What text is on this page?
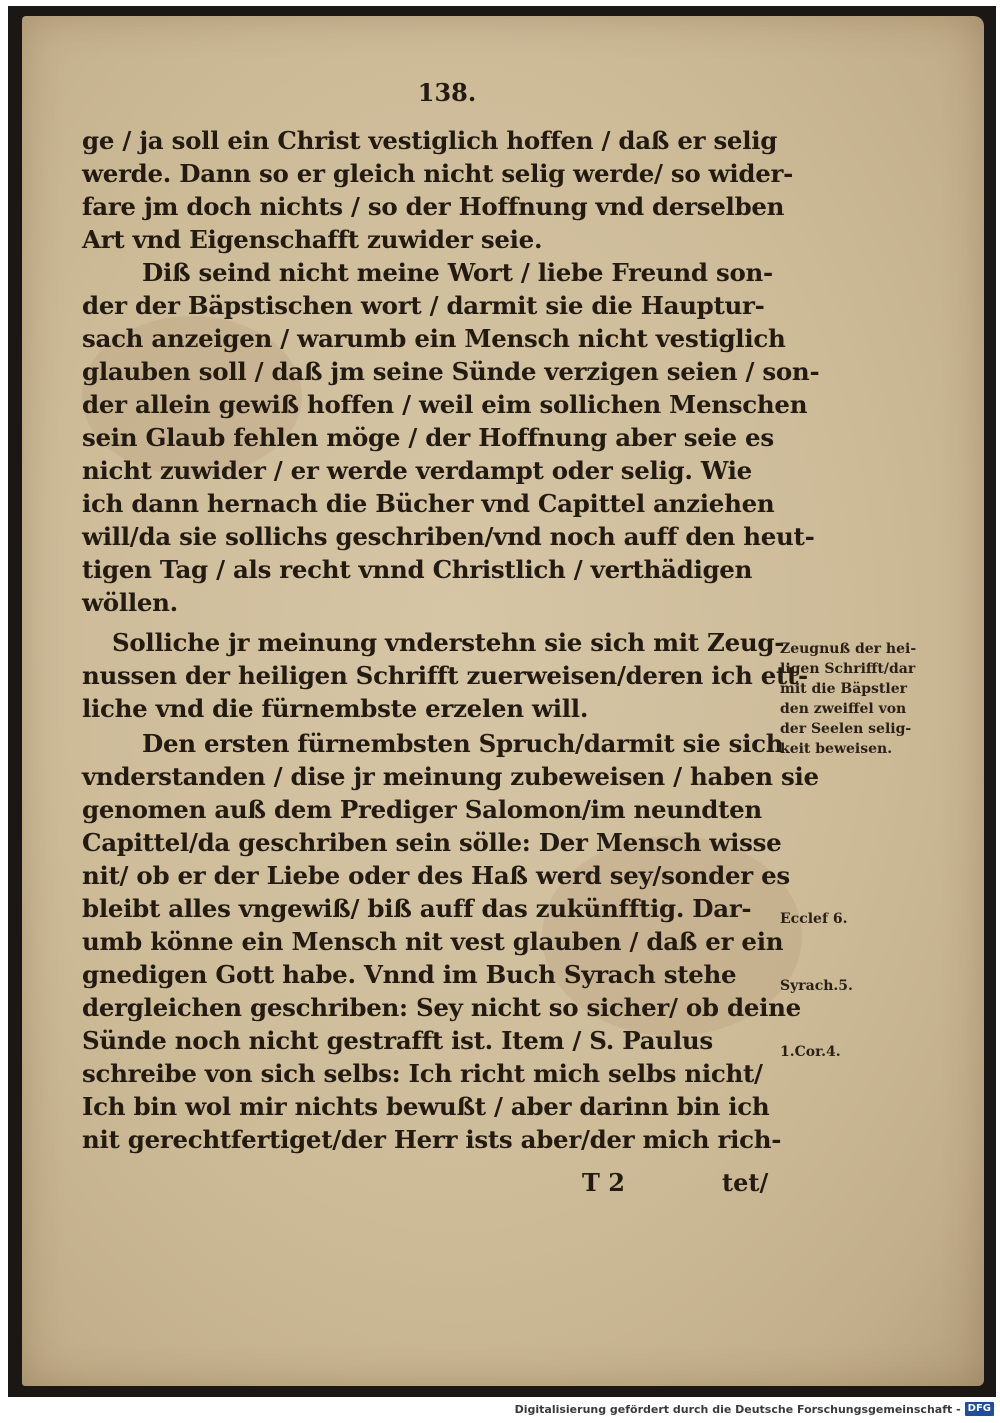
138.
ge / ja soll ein Christ vestiglich hoffen / daß er selig
werde. Dann so er gleich nicht selig werde/ so wider-
fare jm doch nichts / so der Hoffnung vnd derselben
Art vnd Eigenschafft zuwider seie.
Diß seind nicht meine Wort / liebe Freund son-
der der Bäpstischen wort / darmit sie die Hauptur-
sach anzeigen / warumb ein Mensch nicht vestiglich
glauben soll / daß jm seine Sünde verzigen seien / son-
der allein gewiß hoffen / weil eim sollichen Menschen
sein Glaub fehlen möge / der Hoffnung aber seie es
nicht zuwider / er werde verdampt oder selig. Wie
ich dann hernach die Bücher vnd Capittel anziehen
will/da sie sollichs geschriben/vnd noch auff den heut-
tigen Tag / als recht vnnd Christlich / verthädigen
wöllen.
Solliche jr meinung vnderstehn sie sich mit Zeug-
nussen der heiligen Schrifft zuerweisen/deren ich ett-
liche vnd die fürnembste erzelen will.
Den ersten fürnembsten Spruch/darmit sie sich
vnderstanden / dise jr meinung zubeweisen / haben sie
genomen auß dem Prediger Salomon/im neundten
Capittel/da geschriben sein sölle: Der Mensch wisse
nit/ ob er der Liebe oder des Haß werd sey/sonder es
bleibt alles vngewiß/ biß auff das zukünfftig. Dar-
umb könne ein Mensch nit vest glauben / daß er ein
gnedigen Gott habe. Vnnd im Buch Syrach stehe
dergleichen geschriben: Sey nicht so sicher/ ob deine
Sünde noch nicht gestrafft ist. Item / S. Paulus
schreibe von sich selbs: Ich richt mich selbs nicht/
Ich bin wol mir nichts bewußt / aber darinn bin ich
nit gerechtfertiget/der Herr ists aber/der mich rich-
Zeugnuß der hei-
ligen Schrifft/dar
mit die Bäpstler
den zweiffel von
der Seelen selig-
keit beweisen.
Ecclef 6.
Syrach.5.
1.Cor.4.
T 2	tet/
Digitalisierung gefördert durch die Deutsche Forschungsgemeinschaft - DFG
